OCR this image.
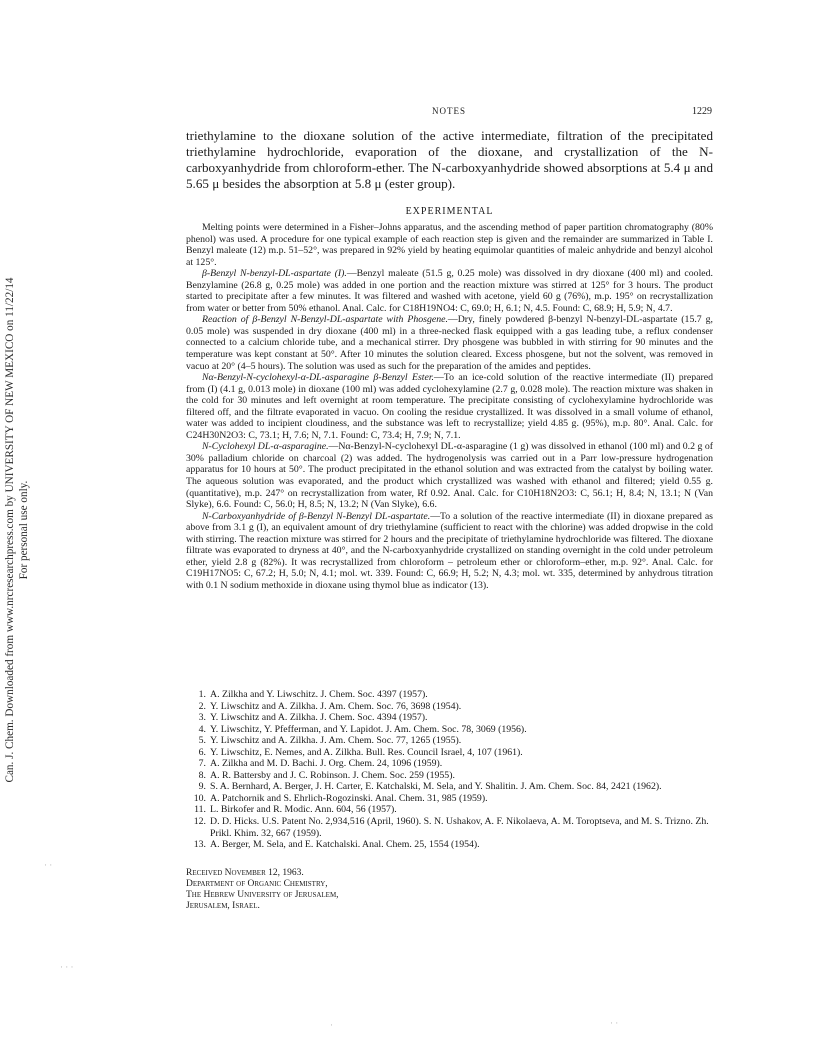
Can. J. Chem. Downloaded from www.nrcresearchpress.com by UNIVERSITY OF NEW MEXICO on 11/22/14 For personal use only.
NOTES	1229
triethylamine to the dioxane solution of the active intermediate, filtration of the precipitated triethylamine hydrochloride, evaporation of the dioxane, and crystallization of the N-carboxyanhydride from chloroform-ether. The N-carboxyanhydride showed absorptions at 5.4 μ and 5.65 μ besides the absorption at 5.8 μ (ester group).
EXPERIMENTAL

Melting points were determined in a Fisher–Johns apparatus, and the ascending method of paper partition chromatography (80% phenol) was used. A procedure for one typical example of each reaction step is given and the remainder are summarized in Table I. Benzyl maleate (12) m.p. 51–52°, was prepared in 92% yield by heating equimolar quantities of maleic anhydride and benzyl alcohol at 125°.

β-Benzyl N-benzyl-DL-aspartate (I).—Benzyl maleate (51.5 g, 0.25 mole) was dissolved in dry dioxane (400 ml) and cooled. Benzylamine (26.8 g, 0.25 mole) was added in one portion and the reaction mixture was stirred at 125° for 3 hours. The product started to precipitate after a few minutes. It was filtered and washed with acetone, yield 60 g (76%), m.p. 195° on recrystallization from water or better from 50% ethanol. Anal. Calc. for C18H19NO4: C, 69.0; H, 6.1; N, 4.5. Found: C, 68.9; H, 5.9; N, 4.7.

Reaction of β-Benzyl N-Benzyl-DL-aspartate with Phosgene.—Dry, finely powdered β-benzyl N-benzyl-DL-aspartate (15.7 g, 0.05 mole) was suspended in dry dioxane (400 ml) in a three-necked flask equipped with a gas leading tube, a reflux condenser connected to a calcium chloride tube, and a mechanical stirrer. Dry phosgene was bubbled in with stirring for 90 minutes and the temperature was kept constant at 50°. After 10 minutes the solution cleared. Excess phosgene, but not the solvent, was removed in vacuo at 20° (4–5 hours). The solution was used as such for the preparation of the amides and peptides.

Nα-Benzyl-N-cyclohexyl-α-DL-asparagine β-Benzyl Ester.—To an ice-cold solution of the reactive intermediate (II) prepared from (I) (4.1 g, 0.013 mole) in dioxane (100 ml) was added cyclohexylamine (2.7 g, 0.028 mole). The reaction mixture was shaken in the cold for 30 minutes and left overnight at room temperature. The precipitate consisting of cyclohexylamine hydrochloride was filtered off, and the filtrate evaporated in vacuo. On cooling the residue crystallized. It was dissolved in a small volume of ethanol, water was added to incipient cloudiness, and the substance was left to recrystallize; yield 4.85 g. (95%), m.p. 80°. Anal. Calc. for C24H30N2O3: C, 73.1; H, 7.6; N, 7.1. Found: C, 73.4; H, 7.9; N, 7.1.

N-Cyclohexyl DL-α-asparagine.—Nα-Benzyl-N-cyclohexyl DL-α-asparagine (1 g) was dissolved in ethanol (100 ml) and 0.2 g of 30% palladium chloride on charcoal (2) was added. The hydrogenolysis was carried out in a Parr low-pressure hydrogenation apparatus for 10 hours at 50°. The product precipitated in the ethanol solution and was extracted from the catalyst by boiling water. The aqueous solution was evaporated, and the product which crystallized was washed with ethanol and filtered; yield 0.55 g. (quantitative), m.p. 247° on recrystallization from water, Rf 0.92. Anal. Calc. for C10H18N2O3: C, 56.1; H, 8.4; N, 13.1; N (Van Slyke), 6.6. Found: C, 56.0; H, 8.5; N, 13.2; N (Van Slyke), 6.6.

N-Carboxyanhydride of β-Benzyl N-Benzyl DL-aspartate.—To a solution of the reactive intermediate (II) in dioxane prepared as above from 3.1 g (I), an equivalent amount of dry triethylamine (sufficient to react with the chlorine) was added dropwise in the cold with stirring. The reaction mixture was stirred for 2 hours and the precipitate of triethylamine hydrochloride was filtered. The dioxane filtrate was evaporated to dryness at 40°, and the N-carboxyanhydride crystallized on standing overnight in the cold under petroleum ether, yield 2.8 g (82%). It was recrystallized from chloroform – petroleum ether or chloroform–ether, m.p. 92°. Anal. Calc. for C19H17NO5: C, 67.2; H, 5.0; N, 4.1; mol. wt. 339. Found: C, 66.9; H, 5.2; N, 4.3; mol. wt. 335, determined by anhydrous titration with 0.1 N sodium methoxide in dioxane using thymol blue as indicator (13).

1. A. Zilkha and Y. Liwschitz. J. Chem. Soc. 4397 (1957).
2. Y. Liwschitz and A. Zilkha. J. Am. Chem. Soc. 76, 3698 (1954).
3. Y. Liwschitz and A. Zilkha. J. Chem. Soc. 4394 (1957).
4. Y. Liwschitz, Y. Pfefferman, and Y. Lapidot. J. Am. Chem. Soc. 78, 3069 (1956).
5. Y. Liwschitz and A. Zilkha. J. Am. Chem. Soc. 77, 1265 (1955).
6. Y. Liwschitz, E. Nemes, and A. Zilkha. Bull. Res. Council Israel, 4, 107 (1961).
7. A. Zilkha and M. D. Bachi. J. Org. Chem. 24, 1096 (1959).
8. A. R. Battersby and J. C. Robinson. J. Chem. Soc. 259 (1955).
9. S. A. Bernhard, A. Berger, J. H. Carter, E. Katchalski, M. Sela, and Y. Shalitin. J. Am. Chem. Soc. 84, 2421 (1962).
10. A. Patchornik and S. Ehrlich-Rogozinski. Anal. Chem. 31, 985 (1959).
11. L. Birkofer and R. Modic. Ann. 604, 56 (1957).
12. D. D. Hicks. U.S. Patent No. 2,934,516 (April, 1960). S. N. Ushakov, A. F. Nikolaeva, A. M. Toroptseva, and M. S. Trizno. Zh. Prikl. Khim. 32, 667 (1959).
13. A. Berger, M. Sela, and E. Katchalski. Anal. Chem. 25, 1554 (1954).
Received November 12, 1963.
Department of Organic Chemistry,
The Hebrew University of Jerusalem,
Jerusalem, Israel.
· ·
· · ·
·	· ·
